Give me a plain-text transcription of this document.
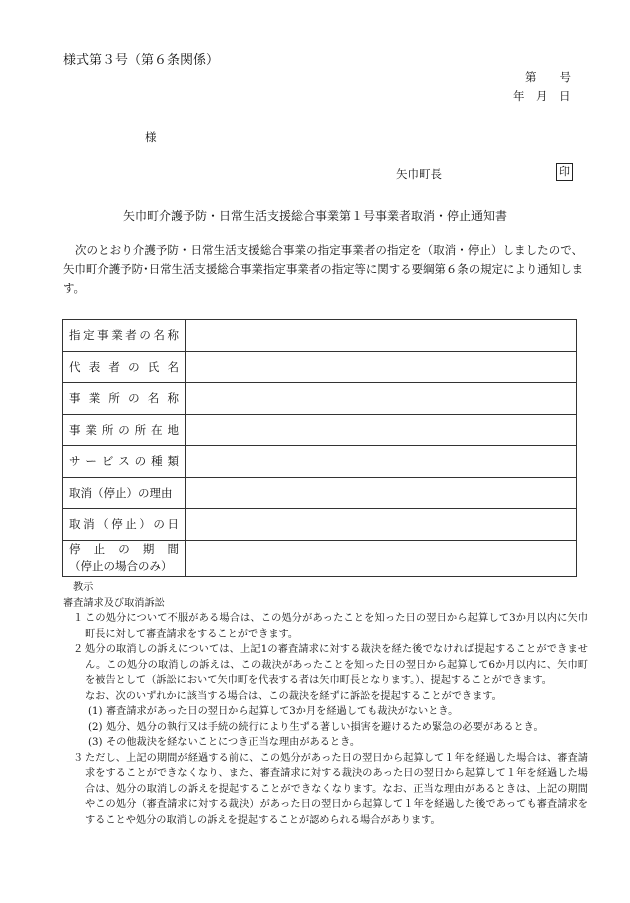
様式第３号（第６条関係）
第　　号
年　月　日
様
矢巾町長	印
矢巾町介護予防・日常生活支援総合事業第１号事業者取消・停止通知書
次のとおり介護予防・日常生活支援総合事業の指定事業者の指定を（取消・停止）しましたので、矢巾町介護予防･日常生活支援総合事業指定事業者の指定等に関する要綱第６条の規定により通知します。
指定事業者の名称	

代表者の氏名	

事業所の名称	

事業所の所在地	

サービスの種類	

取消（停止）の理由	

取消（停止）の日	

停止の期間
（停止の場合のみ）	

教示

審査請求及び取消訴訟

１ この処分について不服がある場合は、この処分があったことを知った日の翌日から起算して3か月以内に矢巾町長に対して審査請求をすることができます。
２ 処分の取消しの訴えについては、上記1の審査請求に対する裁決を経た後でなければ提起することができません。この処分の取消しの訴えは、この裁決があったことを知った日の翌日から起算して6か月以内に、矢巾町を被告として（訴訟において矢巾町を代表する者は矢巾町長となります。）、提起することができます。

なお、次のいずれかに該当する場合は、この裁決を経ずに訴訟を提起することができます。

(1) 審査請求があった日の翌日から起算して3か月を経過しても裁決がないとき。
(2) 処分、処分の執行又は手続の続行により生ずる著しい損害を避けるため緊急の必要があるとき。
(3) その他裁決を経ないことにつき正当な理由があるとき。
３ ただし、上記の期間が経過する前に、この処分があった日の翌日から起算して１年を経過した場合は、審査請求をすることができなくなり、また、審査請求に対する裁決のあった日の翌日から起算して１年を経過した場合は、処分の取消しの訴えを提起することができなくなります。なお、正当な理由があるときは、上記の期間やこの処分（審査請求に対する裁決）があった日の翌日から起算して１年を経過した後であっても審査請求をすることや処分の取消しの訴えを提起することが認められる場合があります。
